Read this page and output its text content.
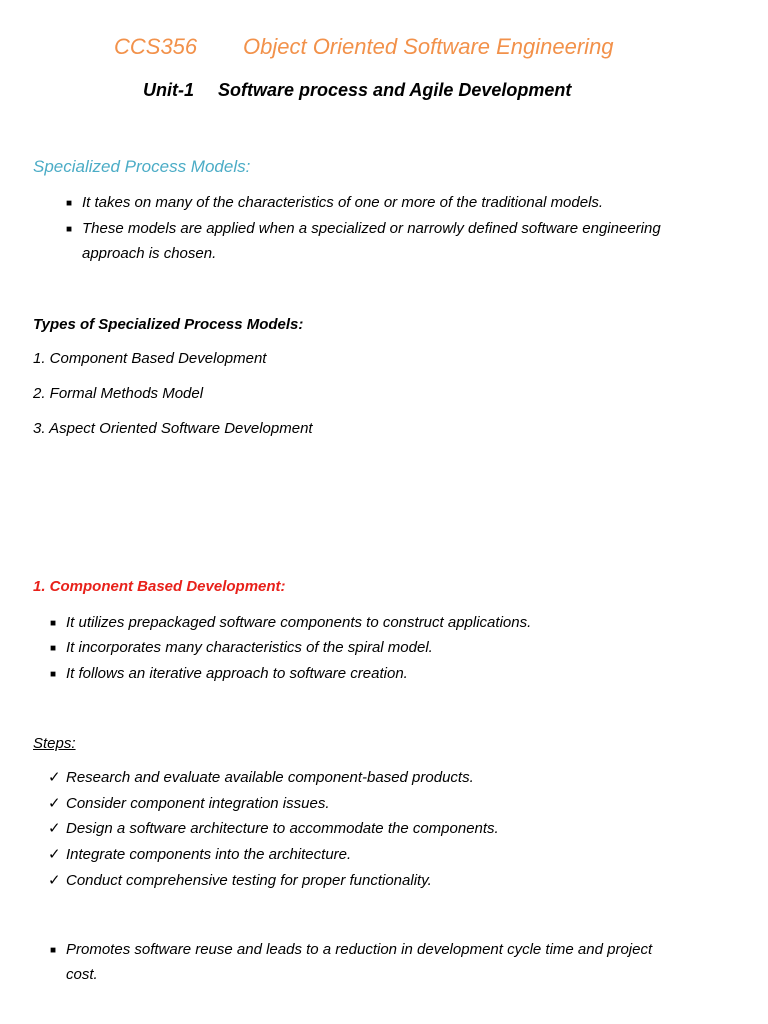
CCS356 Object Oriented Software Engineering
Unit-1 Software process and Agile Development
Specialized Process Models:
■ It takes on many of the characteristics of one or more of the traditional models.
■ These models are applied when a specialized or narrowly defined software engineering
approach is chosen.
Types of Specialized Process Models:
1. Component Based Development
2. Formal Methods Model
3. Aspect Oriented Software Development
1. Component Based Development:
■ It utilizes prepackaged software components to construct applications.
■ It incorporates many characteristics of the spiral model.
■ It follows an iterative approach to software creation.
Steps:
✓ Research and evaluate available component-based products.
✓ Consider component integration issues.
✓ Design a software architecture to accommodate the components.
✓ Integrate components into the architecture.
✓ Conduct comprehensive testing for proper functionality.
■ Promotes software reuse and leads to a reduction in development cycle time and project
cost.
